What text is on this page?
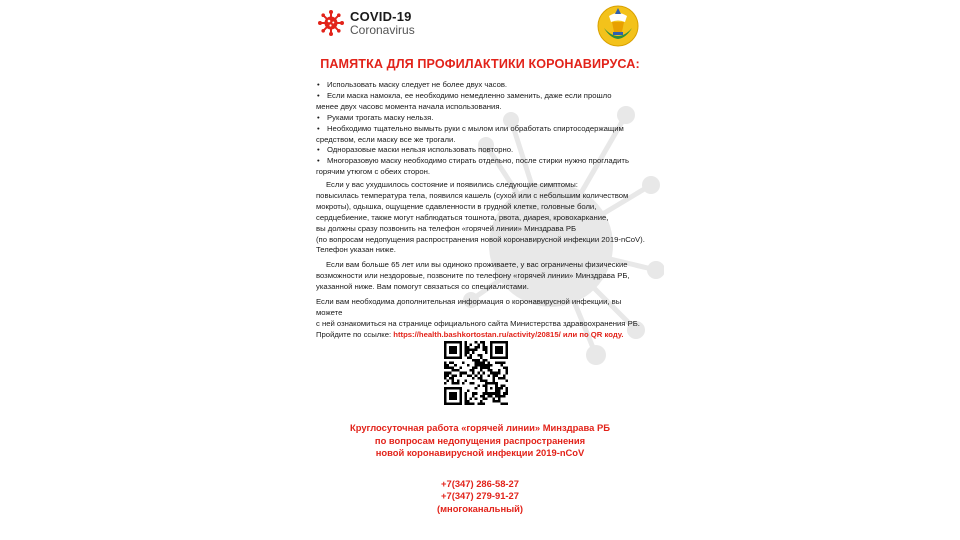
COVID-19
Coronavirus
ПАМЯТКА ДЛЯ ПРОФИЛАКТИКИ КОРОНАВИРУСА:
• Использовать маску следует не более двух часов.
• Если маска намокла, ее необходимо немедленно заменить, даже если прошло
менее двух часовс момента начала использования.
• Руками трогать маску нельзя.
• Необходимо тщательно вымыть руки с мылом или обработать спиртосодержащим
средством, если маску все же трогали.
• Одноразовые маски нельзя использовать повторно.
• Многоразовую маску необходимо стирать отдельно, после стирки нужно прогладить
горячим утюгом с обеих сторон.
Если у вас ухудшилось состояние и появились следующие симптомы:
повысилась температура тела, появился кашель (сухой или с небольшим количеством
мокроты), одышка, ощущение сдавленности в грудной клетке, головные боли,
сердцебиение, также могут наблюдаться тошнота, рвота, диарея, кровохаркание,
вы должны сразу позвонить на телефон «горячей линии» Минздрава РБ
(по вопросам недопущения распространения новой коронавирусной инфекции 2019-nCoV).
Телефон указан ниже.
Если вам больше 65 лет или вы одиноко проживаете, у вас ограничены физические
возможности или нездоровые, позвоните по телефону «горячей линии» Минздрава РБ,
указанной ниже. Вам помогут связаться со специалистами.
Если вам необходима дополнительная информация о коронавирусной инфекции, вы можете
с ней ознакомиться на странице официального сайта Министерства здравоохранения РБ.
Пройдите по ссылке: https://health.bashkortostan.ru/activity/20815/ или по QR коду.
Круглосуточная работа «горячей линии» Минздрава РБ
по вопросам недопущения распространения
новой коронавирусной инфекции 2019-nCoV
+7(347) 286-58-27
+7(347) 279-91-27
(многоканальный)
